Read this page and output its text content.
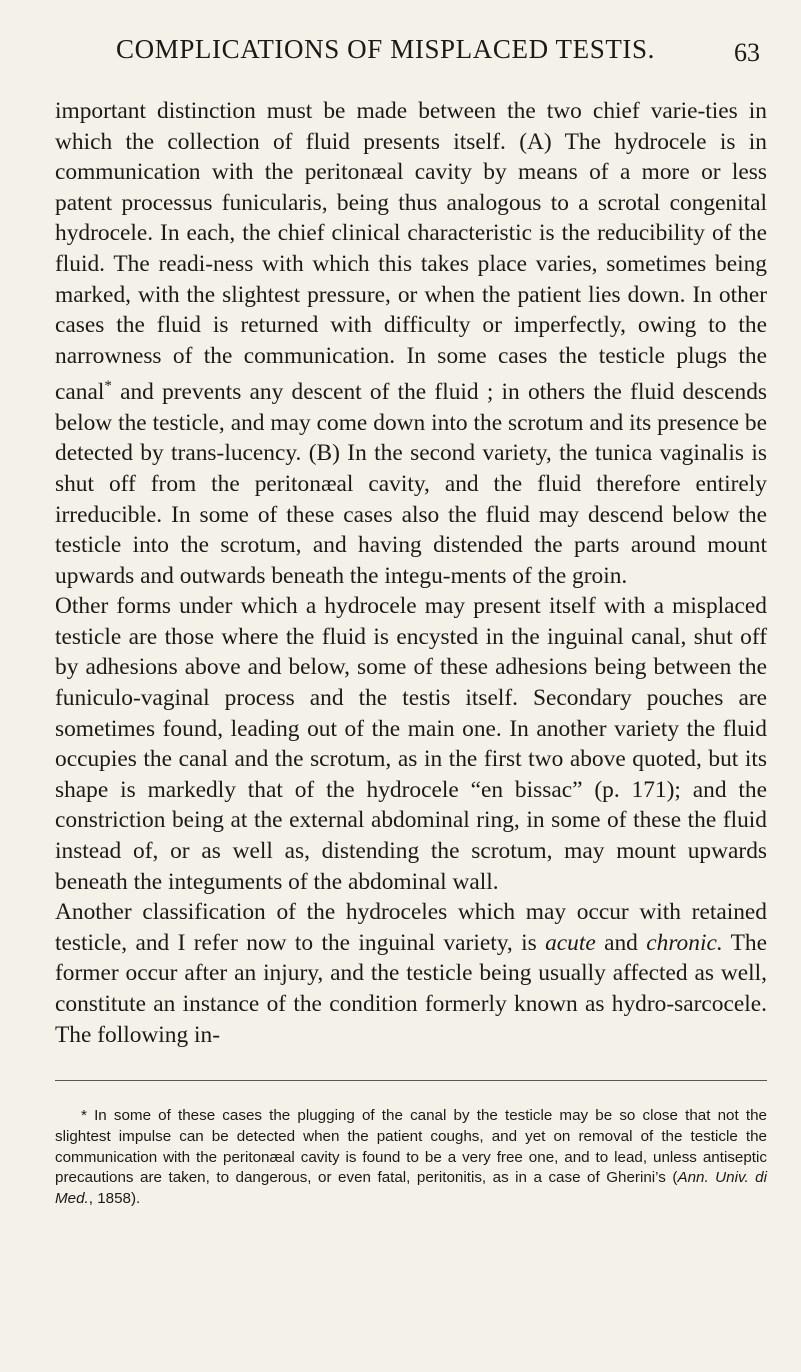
COMPLICATIONS OF MISPLACED TESTIS.	63

important distinction must be made between the two chief varie-ties in which the collection of fluid presents itself. (A) The hydrocele is in communication with the peritonæal cavity by means of a more or less patent processus funicularis, being thus analogous to a scrotal congenital hydrocele. In each, the chief clinical characteristic is the reducibility of the fluid. The readi-ness with which this takes place varies, sometimes being marked, with the slightest pressure, or when the patient lies down. In other cases the fluid is returned with difficulty or imperfectly, owing to the narrowness of the communication. In some cases the testicle plugs the canal* and prevents any descent of the fluid ; in others the fluid descends below the testicle, and may come down into the scrotum and its presence be detected by trans-lucency. (B) In the second variety, the tunica vaginalis is shut off from the peritonæal cavity, and the fluid therefore entirely irreducible. In some of these cases also the fluid may descend below the testicle into the scrotum, and having distended the parts around mount upwards and outwards beneath the integu-ments of the groin.

Other forms under which a hydrocele may present itself with a misplaced testicle are those where the fluid is encysted in the inguinal canal, shut off by adhesions above and below, some of these adhesions being between the funiculo-vaginal process and the testis itself. Secondary pouches are sometimes found, leading out of the main one. In another variety the fluid occupies the canal and the scrotum, as in the first two above quoted, but its shape is markedly that of the hydrocele “en bissac” (p. 171); and the constriction being at the external abdominal ring, in some of these the fluid instead of, or as well as, distending the scrotum, may mount upwards beneath the integuments of the abdominal wall.

Another classification of the hydroceles which may occur with retained testicle, and I refer now to the inguinal variety, is acute and chronic. The former occur after an injury, and the testicle being usually affected as well, constitute an instance of the condition formerly known as hydro-sarcocele. The following in-

* In some of these cases the plugging of the canal by the testicle may be so close that not the slightest impulse can be detected when the patient coughs, and yet on removal of the testicle the communication with the peritonæal cavity is found to be a very free one, and to lead, unless antiseptic precautions are taken, to dangerous, or even fatal, peritonitis, as in a case of Gherini’s (Ann. Univ. di Med., 1858).
